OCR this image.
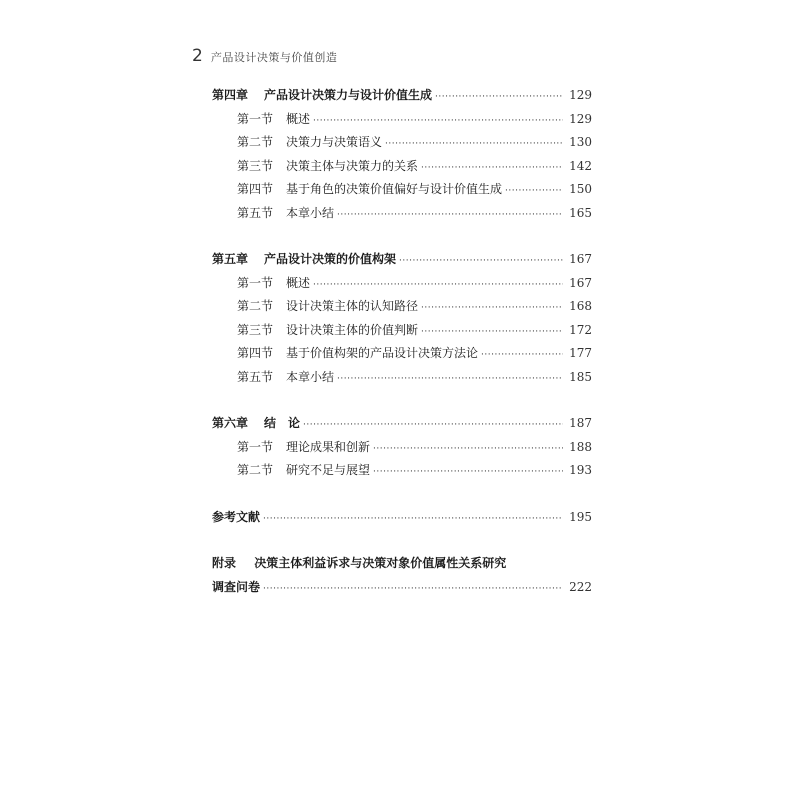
2 产品设计决策与价值创造
第四章 产品设计决策力与设计价值生成 ·····	129
第一节 概述 ·····	129
第二节 决策力与决策语义 ·····	130
第三节 决策主体与决策力的关系 ·····	142
第四节 基于角色的决策价值偏好与设计价值生成 ·····	150
第五节 本章小结 ·····	165
第五章 产品设计决策的价值构架 ·····	167
第一节 概述 ·····	167
第二节 设计决策主体的认知路径 ·····	168
第三节 设计决策主体的价值判断 ·····	172
第四节 基于价值构架的产品设计决策方法论 ·····	177
第五节 本章小结 ·····	185
第六章 结　论 ·····	187
第一节 理论成果和创新 ·····	188
第二节 研究不足与展望 ·····	193
参考文献 ·····	195
附录 决策主体利益诉求与决策对象价值属性关系研究
调查问卷 ·····	222
